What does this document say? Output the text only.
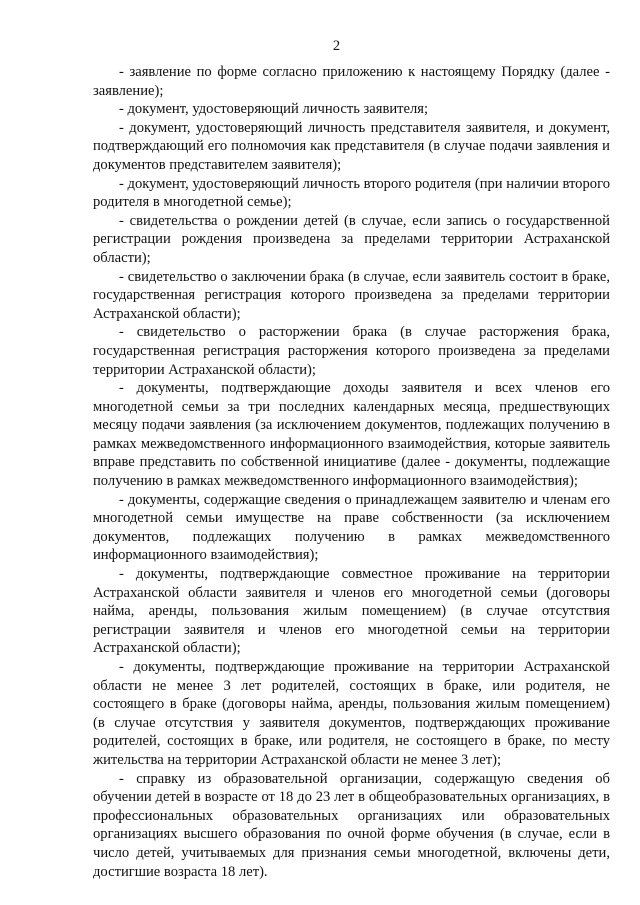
2

- заявление по форме согласно приложению к настоящему Порядку (далее - заявление);

- документ, удостоверяющий личность заявителя;

- документ, удостоверяющий личность представителя заявителя, и документ, подтверждающий его полномочия как представителя (в случае подачи заявления и документов представителем заявителя);

- документ, удостоверяющий личность второго родителя (при наличии второго родителя в многодетной семье);

- свидетельства о рождении детей (в случае, если запись о государственной регистрации рождения произведена за пределами территории Астраханской области);

- свидетельство о заключении брака (в случае, если заявитель состоит в браке, государственная регистрация которого произведена за пределами территории Астраханской области);

- свидетельство о расторжении брака (в случае расторжения брака, государственная регистрация расторжения которого произведена за пределами территории Астраханской области);

- документы, подтверждающие доходы заявителя и всех членов его многодетной семьи за три последних календарных месяца, предшествующих месяцу подачи заявления (за исключением документов, подлежащих получению в рамках межведомственного информационного взаимодействия, которые заявитель вправе представить по собственной инициативе (далее - документы, подлежащие получению в рамках межведомственного информационного взаимодействия);

- документы, содержащие сведения о принадлежащем заявителю и членам его многодетной семьи имуществе на праве собственности (за исключением документов, подлежащих получению в рамках межведомственного информационного взаимодействия);

- документы, подтверждающие совместное проживание на территории Астраханской области заявителя и членов его многодетной семьи (договоры найма, аренды, пользования жилым помещением) (в случае отсутствия регистрации заявителя и членов его многодетной семьи на территории Астраханской области);

- документы, подтверждающие проживание на территории Астраханской области не менее 3 лет родителей, состоящих в браке, или родителя, не состоящего в браке (договоры найма, аренды, пользования жилым помещением) (в случае отсутствия у заявителя документов, подтверждающих проживание родителей, состоящих в браке, или родителя, не состоящего в браке, по месту жительства на территории Астраханской области не менее 3 лет);

- справку из образовательной организации, содержащую сведения об обучении детей в возрасте от 18 до 23 лет в общеобразовательных организациях, в профессиональных образовательных организациях или образовательных организациях высшего образования по очной форме обучения (в случае, если в число детей, учитываемых для признания семьи многодетной, включены дети, достигшие возраста 18 лет).
